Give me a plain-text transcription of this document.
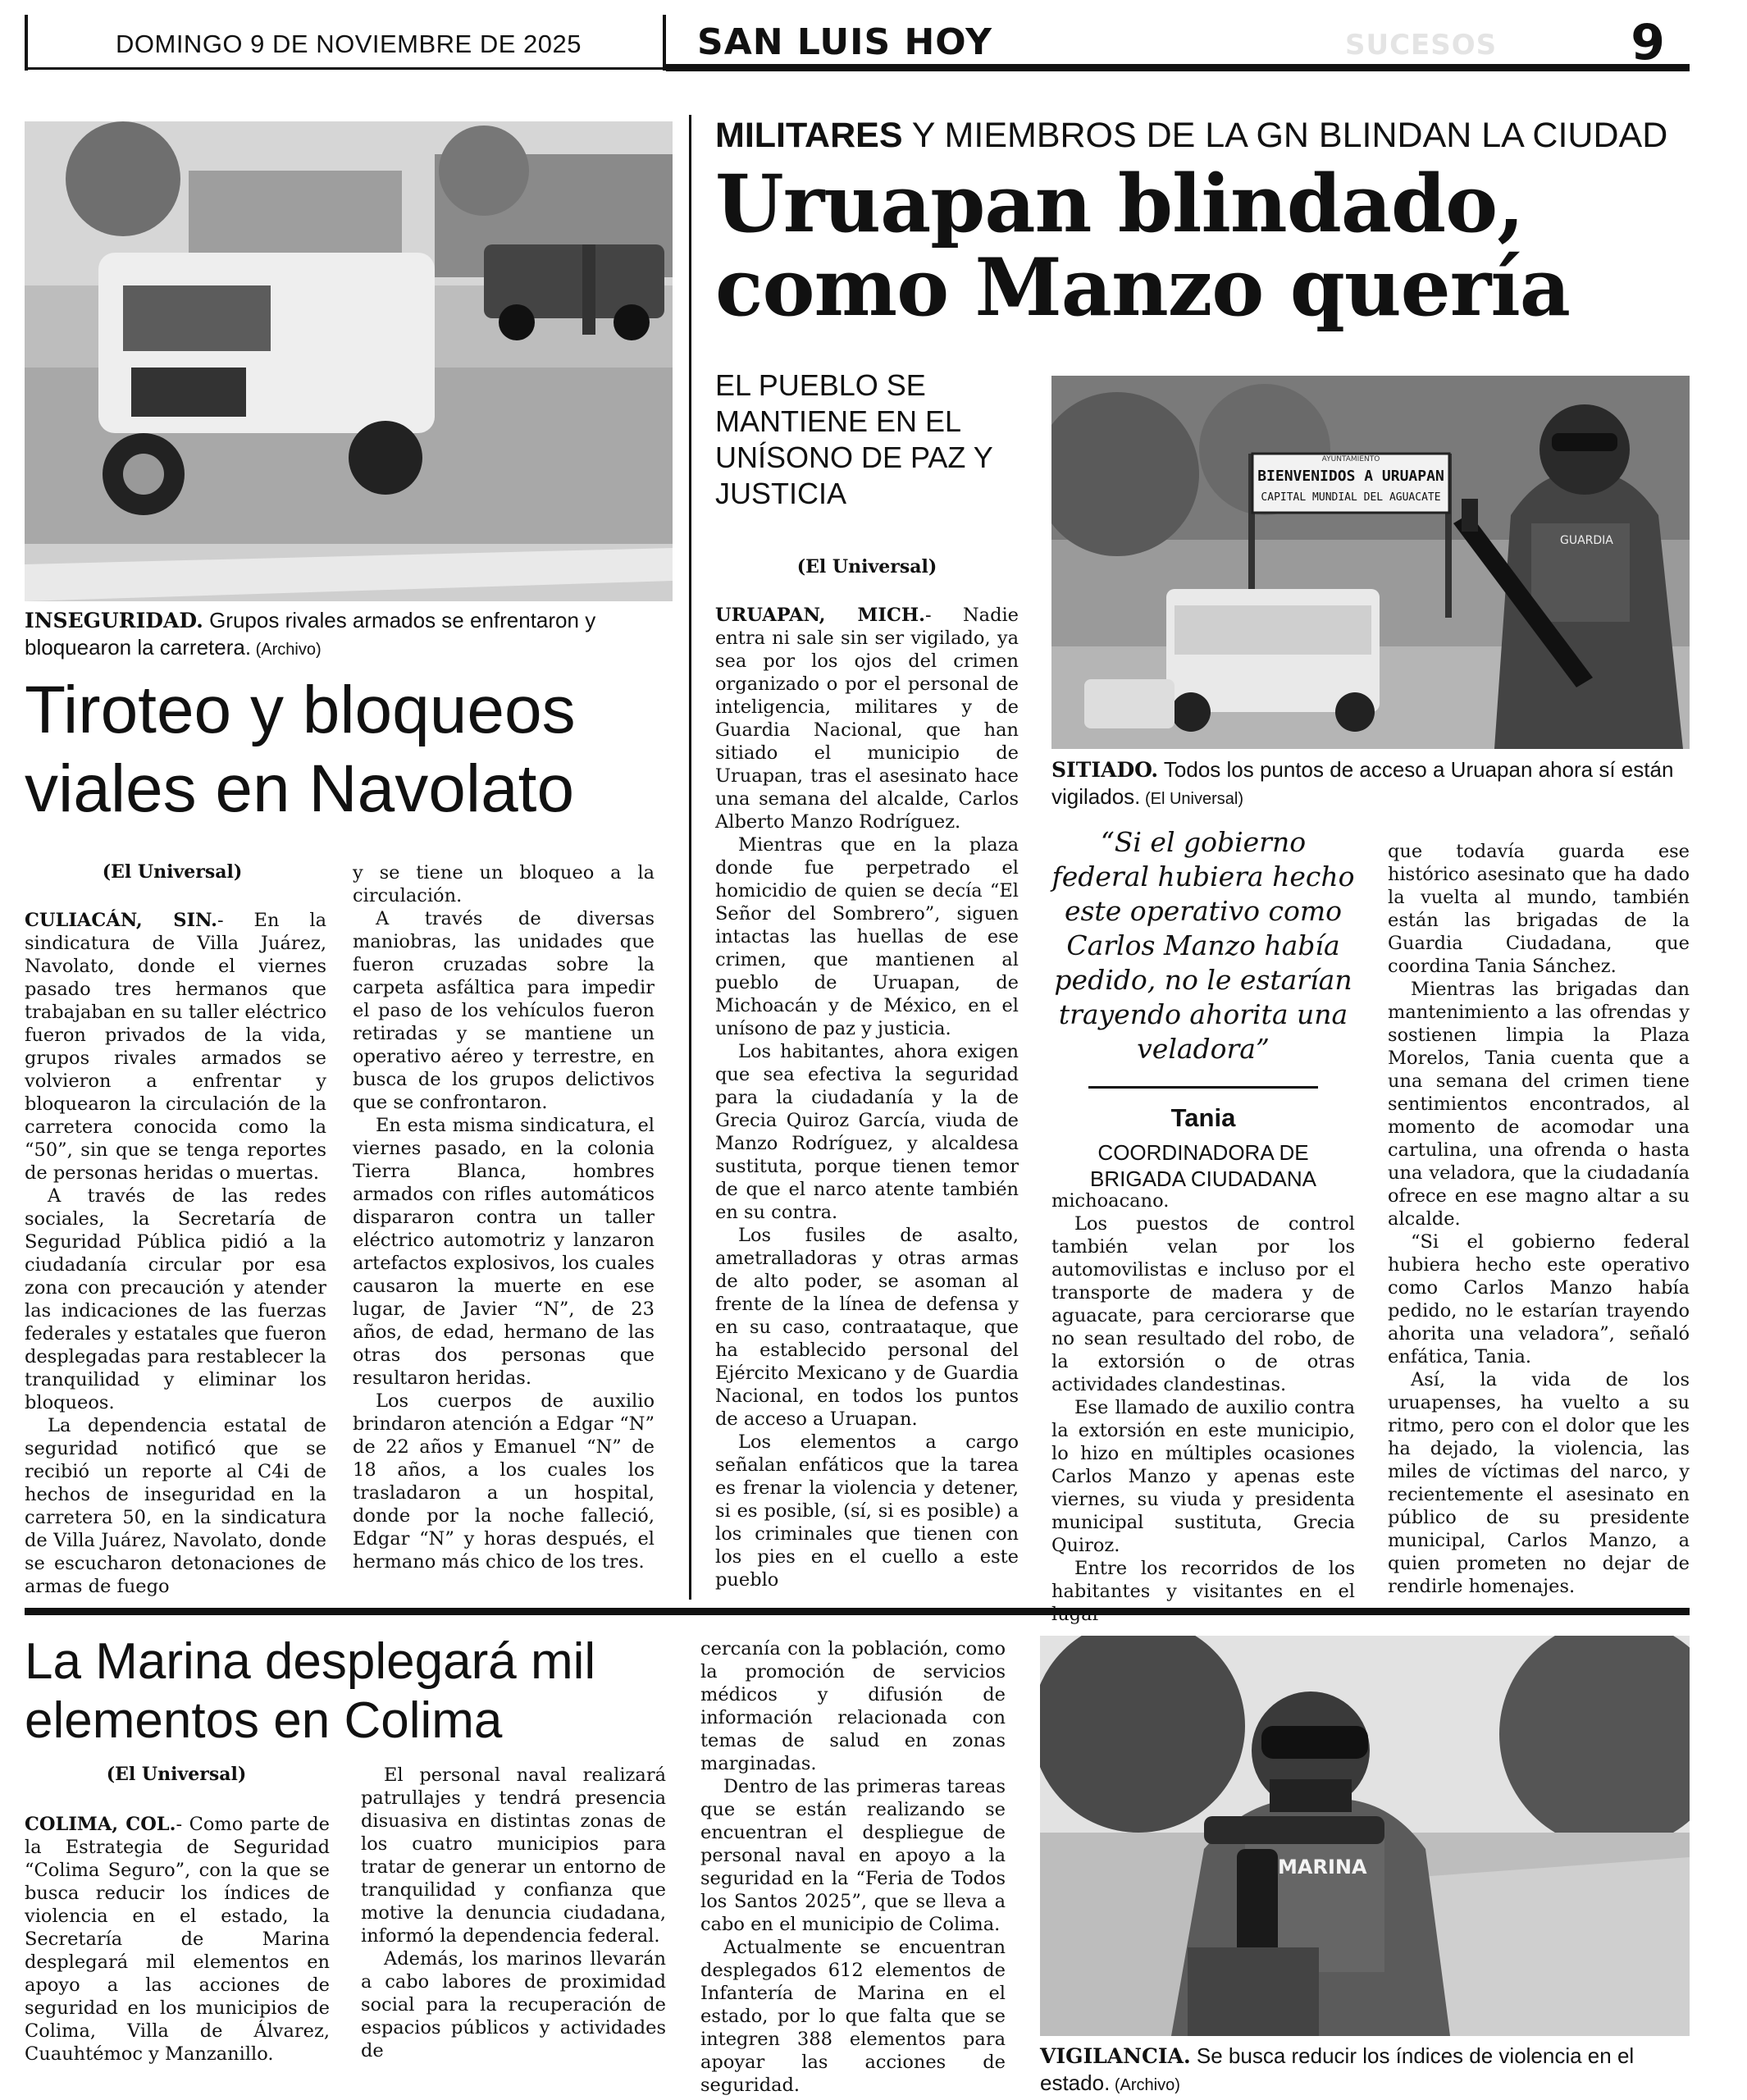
DOMINGO 9 DE NOVIEMBRE DE 2025	SAN LUIS HOY	SUCESOS	9
INSEGURIDAD. Grupos rivales armados se enfrentaron y bloquearon la carretera. (Archivo)
Tiroteo y bloqueos viales en Navolato
(El Universal)

CULIACÁN, SIN.- En la sindicatura de Villa Juárez, Navolato, donde el viernes pasado tres hermanos que trabajaban en su taller eléctrico fueron privados de la vida, grupos rivales armados se volvieron a enfrentar y bloquearon la circulación de la carretera conocida como la “50”, sin que se tenga reportes de personas heridas o muertas.

A través de las redes sociales, la Secretaría de Seguridad Pública pidió a la ciudadanía circular por esa zona con precaución y atender las indicaciones de las fuerzas federales y estatales que fueron desplegadas para restablecer la tranquilidad y eliminar los bloqueos.

La dependencia estatal de seguridad notificó que se recibió un reporte al C4i de hechos de inseguridad en la carretera 50, en la sindicatura de Villa Juárez, Navolato, donde se escucharon detonaciones de armas de fuego

y se tiene un bloqueo a la circulación.

A través de diversas maniobras, las unidades que fueron cruzadas sobre la carpeta asfáltica para impedir el paso de los vehículos fueron retiradas y se mantiene un operativo aéreo y terrestre, en busca de los grupos delictivos que se confrontaron.

En esta misma sindicatura, el viernes pasado, en la colonia Tierra Blanca, hombres armados con rifles automáticos dispararon contra un taller eléctrico automotriz y lanzaron artefactos explosivos, los cuales causaron la muerte en ese lugar, de Javier “N”, de 23 años, de edad, hermano de las otras dos personas que resultaron heridas.

Los cuerpos de auxilio brindaron atención a Edgar “N” de 22 años y Emanuel “N” de 18 años, a los cuales los trasladaron a un hospital, donde por la noche falleció, Edgar “N” y horas después, el hermano más chico de los tres.

MILITARES Y MIEMBROS DE LA GN BLINDAN LA CIUDAD
Uruapan blindado,
como Manzo quería
EL PUEBLO SE MANTIENE EN EL UNÍSONO DE PAZ Y JUSTICIA
(El Universal)
AYUNTAMIENTO
BIENVENIDOS A URUAPAN
CAPITAL MUNDIAL DEL AGUACATE
GUARDIA
SITIADO. Todos los puntos de acceso a Uruapan ahora sí están vigilados. (El Universal)

URUAPAN, MICH.- Nadie entra ni sale sin ser vigilado, ya sea por los ojos del crimen organizado o por el personal de inteligencia, militares y de Guardia Nacional, que han sitiado el municipio de Uruapan, tras el asesinato hace una semana del alcalde, Carlos Alberto Manzo Rodríguez.

Mientras que en la plaza donde fue perpetrado el homicidio de quien se decía “El Señor del Sombrero”, siguen intactas las huellas de ese crimen, que mantienen al pueblo de Uruapan, de Michoacán y de México, en el unísono de paz y justicia.

Los habitantes, ahora exigen que sea efectiva la seguridad para la ciudadanía y la de Grecia Quiroz García, viuda de Manzo Rodríguez, y alcaldesa sustituta, porque tienen temor de que el narco atente también en su contra.

Los fusiles de asalto, ametralladoras y otras armas de alto poder, se asoman al frente de la línea de defensa y en su caso, contraataque, que ha establecido personal del Ejército Mexicano y de Guardia Nacional, en todos los puntos de acceso a Uruapan.

Los elementos a cargo señalan enfáticos que la tarea es frenar la violencia y detener, si es posible, (sí, si es posible) a los criminales que tienen con los pies en el cuello a este pueblo

“Si el gobierno federal hubiera hecho este operativo como Carlos Manzo había pedido, no le estarían trayendo ahorita una veladora”
Tania
COORDINADORA DE BRIGADA CIUDADANA

michoacano.

Los puestos de control también velan por los automovilistas e incluso por el transporte de madera y de aguacate, para cerciorarse que no sean resultado del robo, de la extorsión o de otras actividades clandestinas.

Ese llamado de auxilio contra la extorsión en este municipio, lo hizo en múltiples ocasiones Carlos Manzo y apenas este viernes, su viuda y presidenta municipal sustituta, Grecia Quiroz.

Entre los recorridos de los habitantes y visitantes en el

que todavía guarda ese histórico asesinato que ha dado la vuelta al mundo, también están las brigadas de la Guardia Ciudadana, que coordina Tania Sánchez.

Mientras las brigadas dan mantenimiento a las ofrendas y sostienen limpia la Plaza Morelos, Tania cuenta que a una semana del crimen tiene sentimientos encontrados, al momento de acomodar una cartulina, una ofrenda o hasta una veladora, que la ciudadanía ofrece en ese magno altar a su alcalde.

“Si el gobierno federal hubiera hecho este operativo como Carlos Manzo había pedido, no le estarían trayendo ahorita una veladora”, señaló enfática, Tania.

Así, la vida de los uruapenses, ha vuelto a su ritmo, pero con el dolor que les ha dejado, la violencia, las miles de víctimas del narco, y recientemente el asesinato en público de su presidente municipal, Carlos Manzo, a quien prometen no dejar de rendirle homenajes.

La Marina desplegará mil elementos en Colima
(El Universal)

COLIMA, COL.- Como parte de la Estrategia de Seguridad “Colima Seguro”, con la que se busca reducir los índices de violencia en el estado, la Secretaría de Marina desplegará mil elementos en apoyo a las acciones de seguridad en los municipios de Colima, Villa de Álvarez, Cuauhtémoc y Manzanillo.

El personal naval realizará patrullajes y tendrá presencia disuasiva en distintas zonas de los cuatro municipios para tratar de generar un entorno de tranquilidad y confianza que motive la denuncia ciudadana, informó la dependencia federal.

Además, los marinos llevarán a cabo labores de proximidad social para la recuperación de espacios públicos y actividades de

cercanía con la población, como la promoción de servicios médicos y difusión de información relacionada con temas de salud en zonas marginadas.

Dentro de las primeras tareas que se están realizando se encuentran el despliegue de personal naval en apoyo a la seguridad en la “Feria de Todos los Santos 2025”, que se lleva a cabo en el municipio de Colima.

Actualmente se encuentran desplegados 612 elementos de Infantería de Marina en el estado, por lo que falta que se integren 388 elementos para apoyar las acciones de seguridad.

MARINA
VIGILANCIA. Se busca reducir los índices de violencia en el estado. (Archivo)
